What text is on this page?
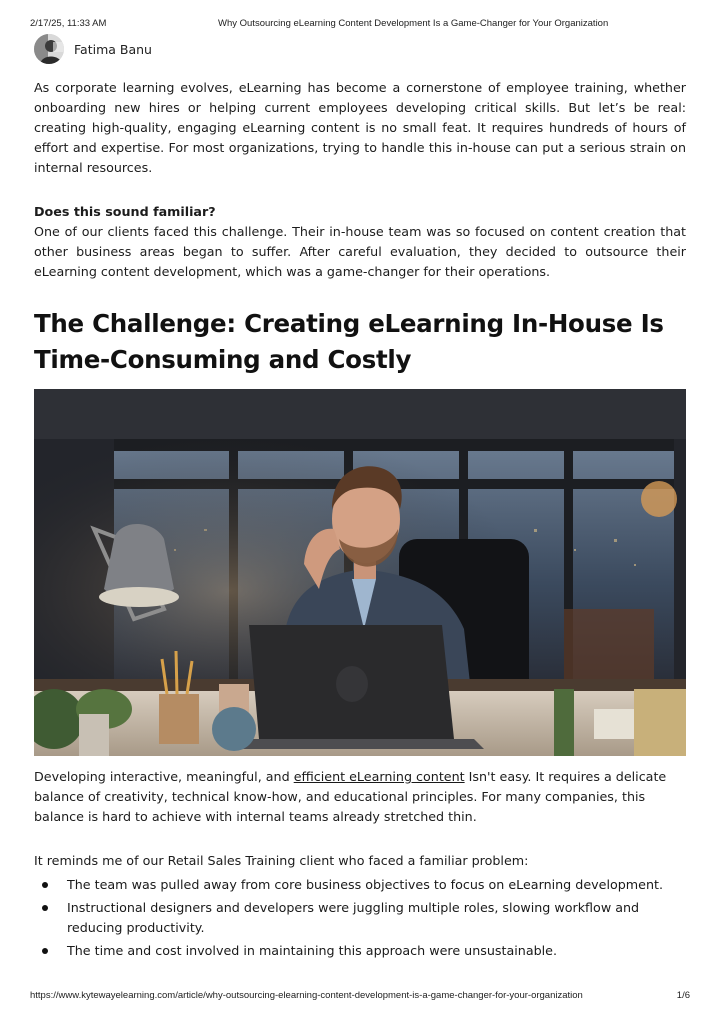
2/17/25, 11:33 AM	Why Outsourcing eLearning Content Development Is a Game-Changer for Your Organization
Fatima Banu

As corporate learning evolves, eLearning has become a cornerstone of employee training, whether onboarding new hires or helping current employees developing critical skills. But let’s be real: creating high-quality, engaging eLearning content is no small feat. It requires hundreds of hours of effort and expertise. For most organizations, trying to handle this in-house can put a serious strain on internal resources.

Does this sound familiar?
One of our clients faced this challenge. Their in-house team was so focused on content creation that other business areas began to suffer. After careful evaluation, they decided to outsource their eLearning content development, which was a game-changer for their operations.
The Challenge: Creating eLearning In-House Is Time-Consuming and Costly

Developing interactive, meaningful, and efficient eLearning content Isn't easy. It requires a delicate balance of creativity, technical know-how, and educational principles. For many companies, this balance is hard to achieve with internal teams already stretched thin.

It reminds me of our Retail Sales Training client who faced a familiar problem:

The team was pulled away from core business objectives to focus on eLearning development.
Instructional designers and developers were juggling multiple roles, slowing workflow and reducing productivity.
The time and cost involved in maintaining this approach were unsustainable.
https://www.kytewayelearning.com/article/why-outsourcing-elearning-content-development-is-a-game-changer-for-your-organization	1/6
